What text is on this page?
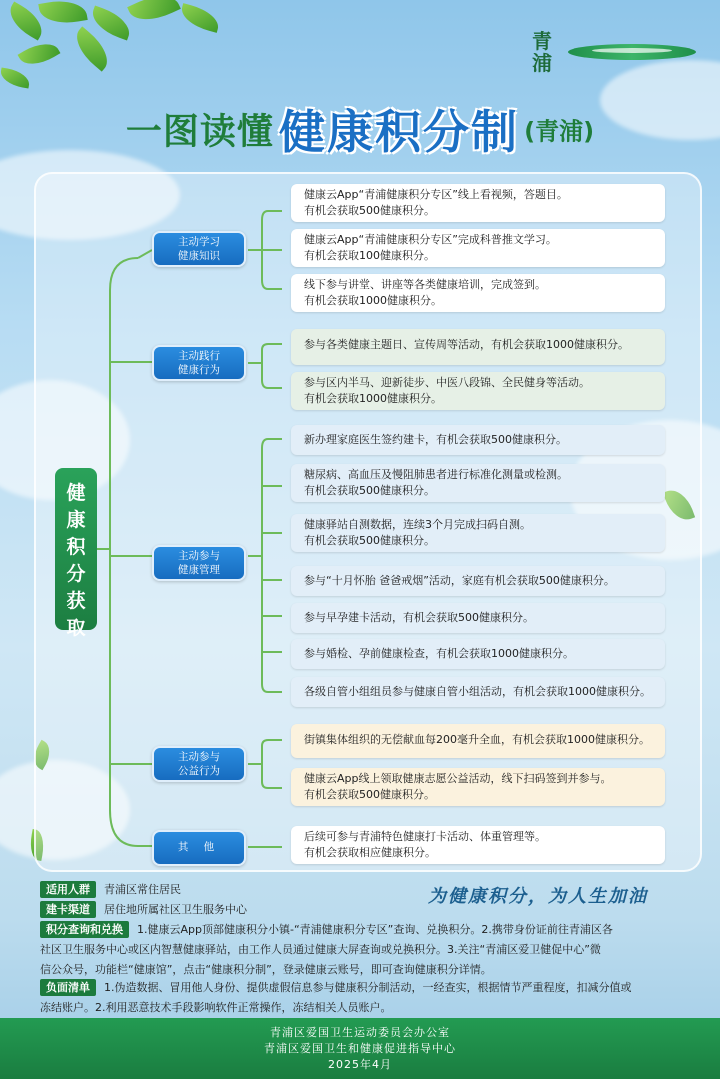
青浦
一图读懂 健康积分制 (青浦)
健康积分获取
主动学习
健康知识
主动践行
健康行为
主动参与
健康管理
主动参与
公益行为
其 他
健康云App“青浦健康积分专区”线上看视频，答题目。
有机会获取500健康积分。
健康云App“青浦健康积分专区”完成科普推文学习。
有机会获取100健康积分。
线下参与讲堂、讲座等各类健康培训，完成签到。
有机会获取1000健康积分。
参与各类健康主题日、宣传周等活动，有机会获取1000健康积分。
参与区内半马、迎新徒步、中医八段锦、全民健身等活动。
有机会获取1000健康积分。
新办理家庭医生签约建卡，有机会获取500健康积分。
糖尿病、高血压及慢阻肺患者进行标准化测量或检测。
有机会获取500健康积分。
健康驿站自测数据，连续3个月完成扫码自测。
有机会获取500健康积分。
参与“十月怀胎 爸爸戒烟”活动，家庭有机会获取500健康积分。
参与早孕建卡活动，有机会获取500健康积分。
参与婚检、孕前健康检查，有机会获取1000健康积分。
各级自管小组组员参与健康自管小组活动，有机会获取1000健康积分。
街镇集体组织的无偿献血每200毫升全血，有机会获取1000健康积分。
健康云App线上领取健康志愿公益活动，线下扫码签到并参与。
有机会获取500健康积分。
后续可参与青浦特色健康打卡活动、体重管理等。
有机会获取相应健康积分。
适用人群 青浦区常住居民
建卡渠道 居住地所属社区卫生服务中心
积分查询和兑换 1.健康云App顶部健康积分小镇-“青浦健康积分专区”查询、兑换积分。2.携带身份证前往青浦区各
社区卫生服务中心或区内智慧健康驿站，由工作人员通过健康大屏查询或兑换积分。3.关注“青浦区爱卫健促中心”微
信公众号，功能栏“健康馆”，点击“健康积分制”，登录健康云账号，即可查询健康积分详情。
负面清单 1.伪造数据、冒用他人身份、提供虚假信息参与健康积分制活动，一经查实，根据情节严重程度，扣减分值或
冻结账户。2.利用恶意技术手段影响软件正常操作，冻结相关人员账户。
为健康积分，为人生加油
青浦区爱国卫生运动委员会办公室
青浦区爱国卫生和健康促进指导中心
2025年4月
